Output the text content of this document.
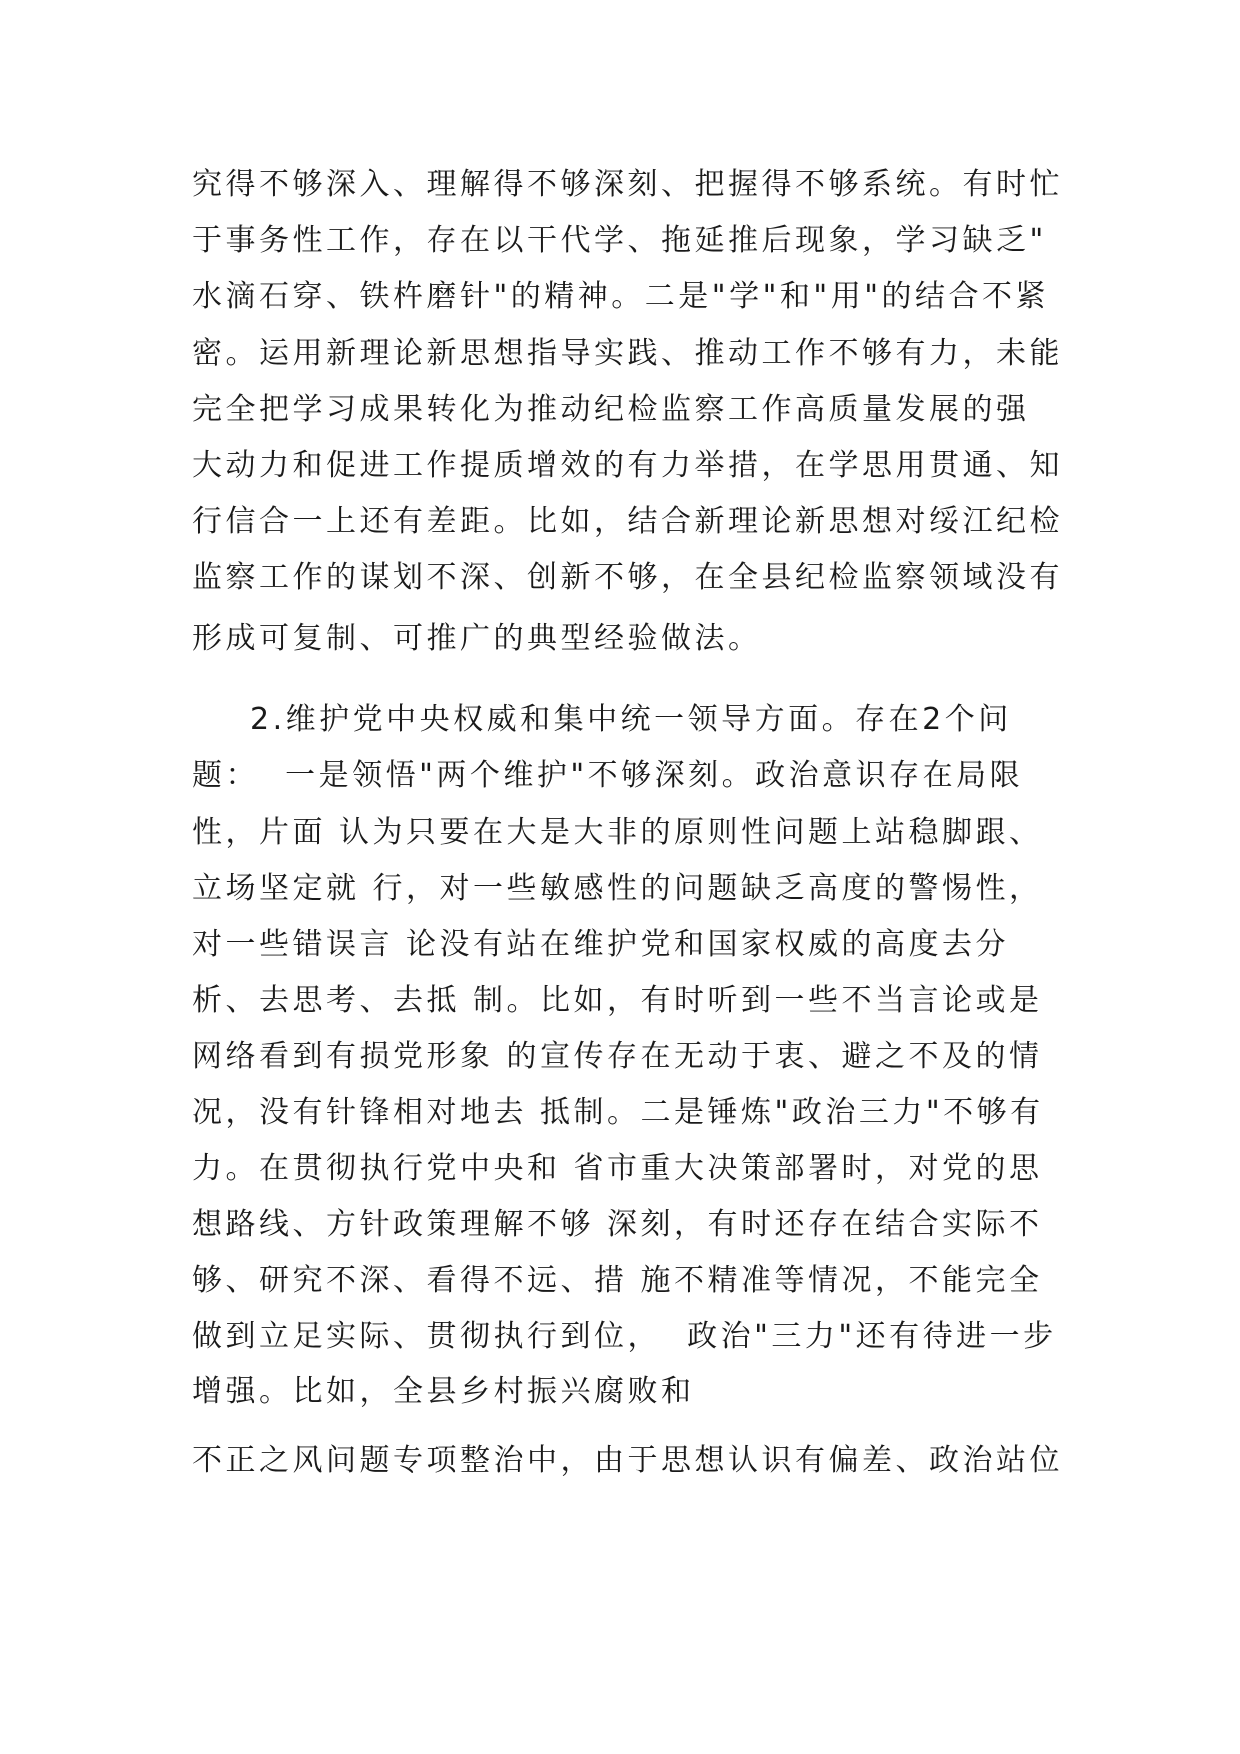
究得不够深入、理解得不够深刻、把握得不够系统。有时忙
于事务性工作，存在以干代学、拖延推后现象，学习缺乏"
水滴石穿、铁杵磨针"的精神。二是"学"和"用"的结合不紧
密。运用新理论新思想指导实践、推动工作不够有力，未能
完全把学习成果转化为推动纪检监察工作高质量发展的强
大动力和促进工作提质增效的有力举措，在学思用贯通、知
行信合一上还有差距。比如，结合新理论新思想对绥江纪检
监察工作的谋划不深、创新不够，在全县纪检监察领域没有
形成可复制、可推广的典型经验做法。
2.维护党中央权威和集中统一领导方面。存在2个问
题：  一是领悟"两个维护"不够深刻。政治意识存在局限
性，片面 认为只要在大是大非的原则性问题上站稳脚跟、
立场坚定就 行，对一些敏感性的问题缺乏高度的警惕性，
对一些错误言 论没有站在维护党和国家权威的高度去分
析、去思考、去抵 制。比如，有时听到一些不当言论或是
网络看到有损党形象 的宣传存在无动于衷、避之不及的情
况，没有针锋相对地去 抵制。二是锤炼"政治三力"不够有
力。在贯彻执行党中央和 省市重大决策部署时，对党的思
想路线、方针政策理解不够 深刻，有时还存在结合实际不
够、研究不深、看得不远、措 施不精准等情况，不能完全
做到立足实际、贯彻执行到位，  政治"三力"还有待进一步
增强。比如，全县乡村振兴腐败和
不正之风问题专项整治中，由于思想认识有偏差、政治站位
